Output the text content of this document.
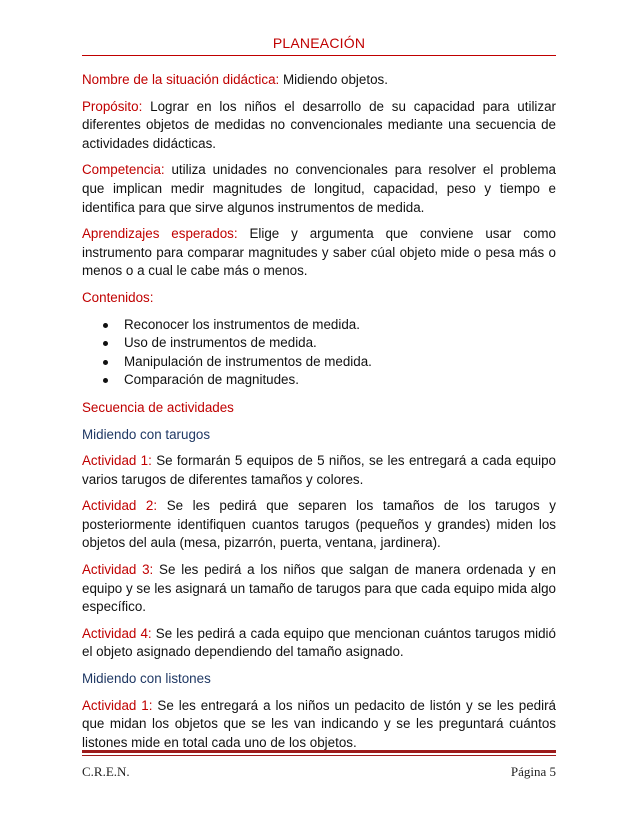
PLANEACIÓN

Nombre de la situación didáctica: Midiendo objetos.

Propósito: Lograr en los niños el desarrollo de su capacidad para utilizar diferentes objetos de medidas no convencionales mediante una secuencia de actividades didácticas.

Competencia: utiliza unidades no convencionales para resolver el problema que implican medir magnitudes de longitud, capacidad, peso y tiempo e identifica para que sirve algunos instrumentos de medida.

Aprendizajes esperados: Elige y argumenta que conviene usar como instrumento para comparar magnitudes y saber cúal objeto mide o pesa más o menos o a cual le cabe más o menos.

Contenidos:

Reconocer los instrumentos de medida.
Uso de instrumentos de medida.
Manipulación de instrumentos de medida.
Comparación de magnitudes.

Secuencia de actividades

Midiendo con tarugos

Actividad 1: Se formarán 5 equipos de 5 niños, se les entregará a cada equipo varios tarugos de diferentes tamaños y colores.

Actividad 2: Se les pedirá que separen los tamaños de los tarugos y posteriormente identifiquen cuantos tarugos (pequeños y grandes) miden los objetos del aula (mesa, pizarrón, puerta, ventana, jardinera).

Actividad 3: Se les pedirá a los niños que salgan de manera ordenada y en equipo y se les asignará un tamaño de tarugos para que cada equipo mida algo específico.

Actividad 4: Se les pedirá a cada equipo que mencionan cuántos tarugos midió el objeto asignado dependiendo del tamaño asignado.

Midiendo con listones

Actividad 1: Se les entregará a los niños un pedacito de listón y se les pedirá que midan los objetos que se les van indicando y se les preguntará cuántos listones mide en total cada uno de los objetos.

C.R.E.N.	Página 5
